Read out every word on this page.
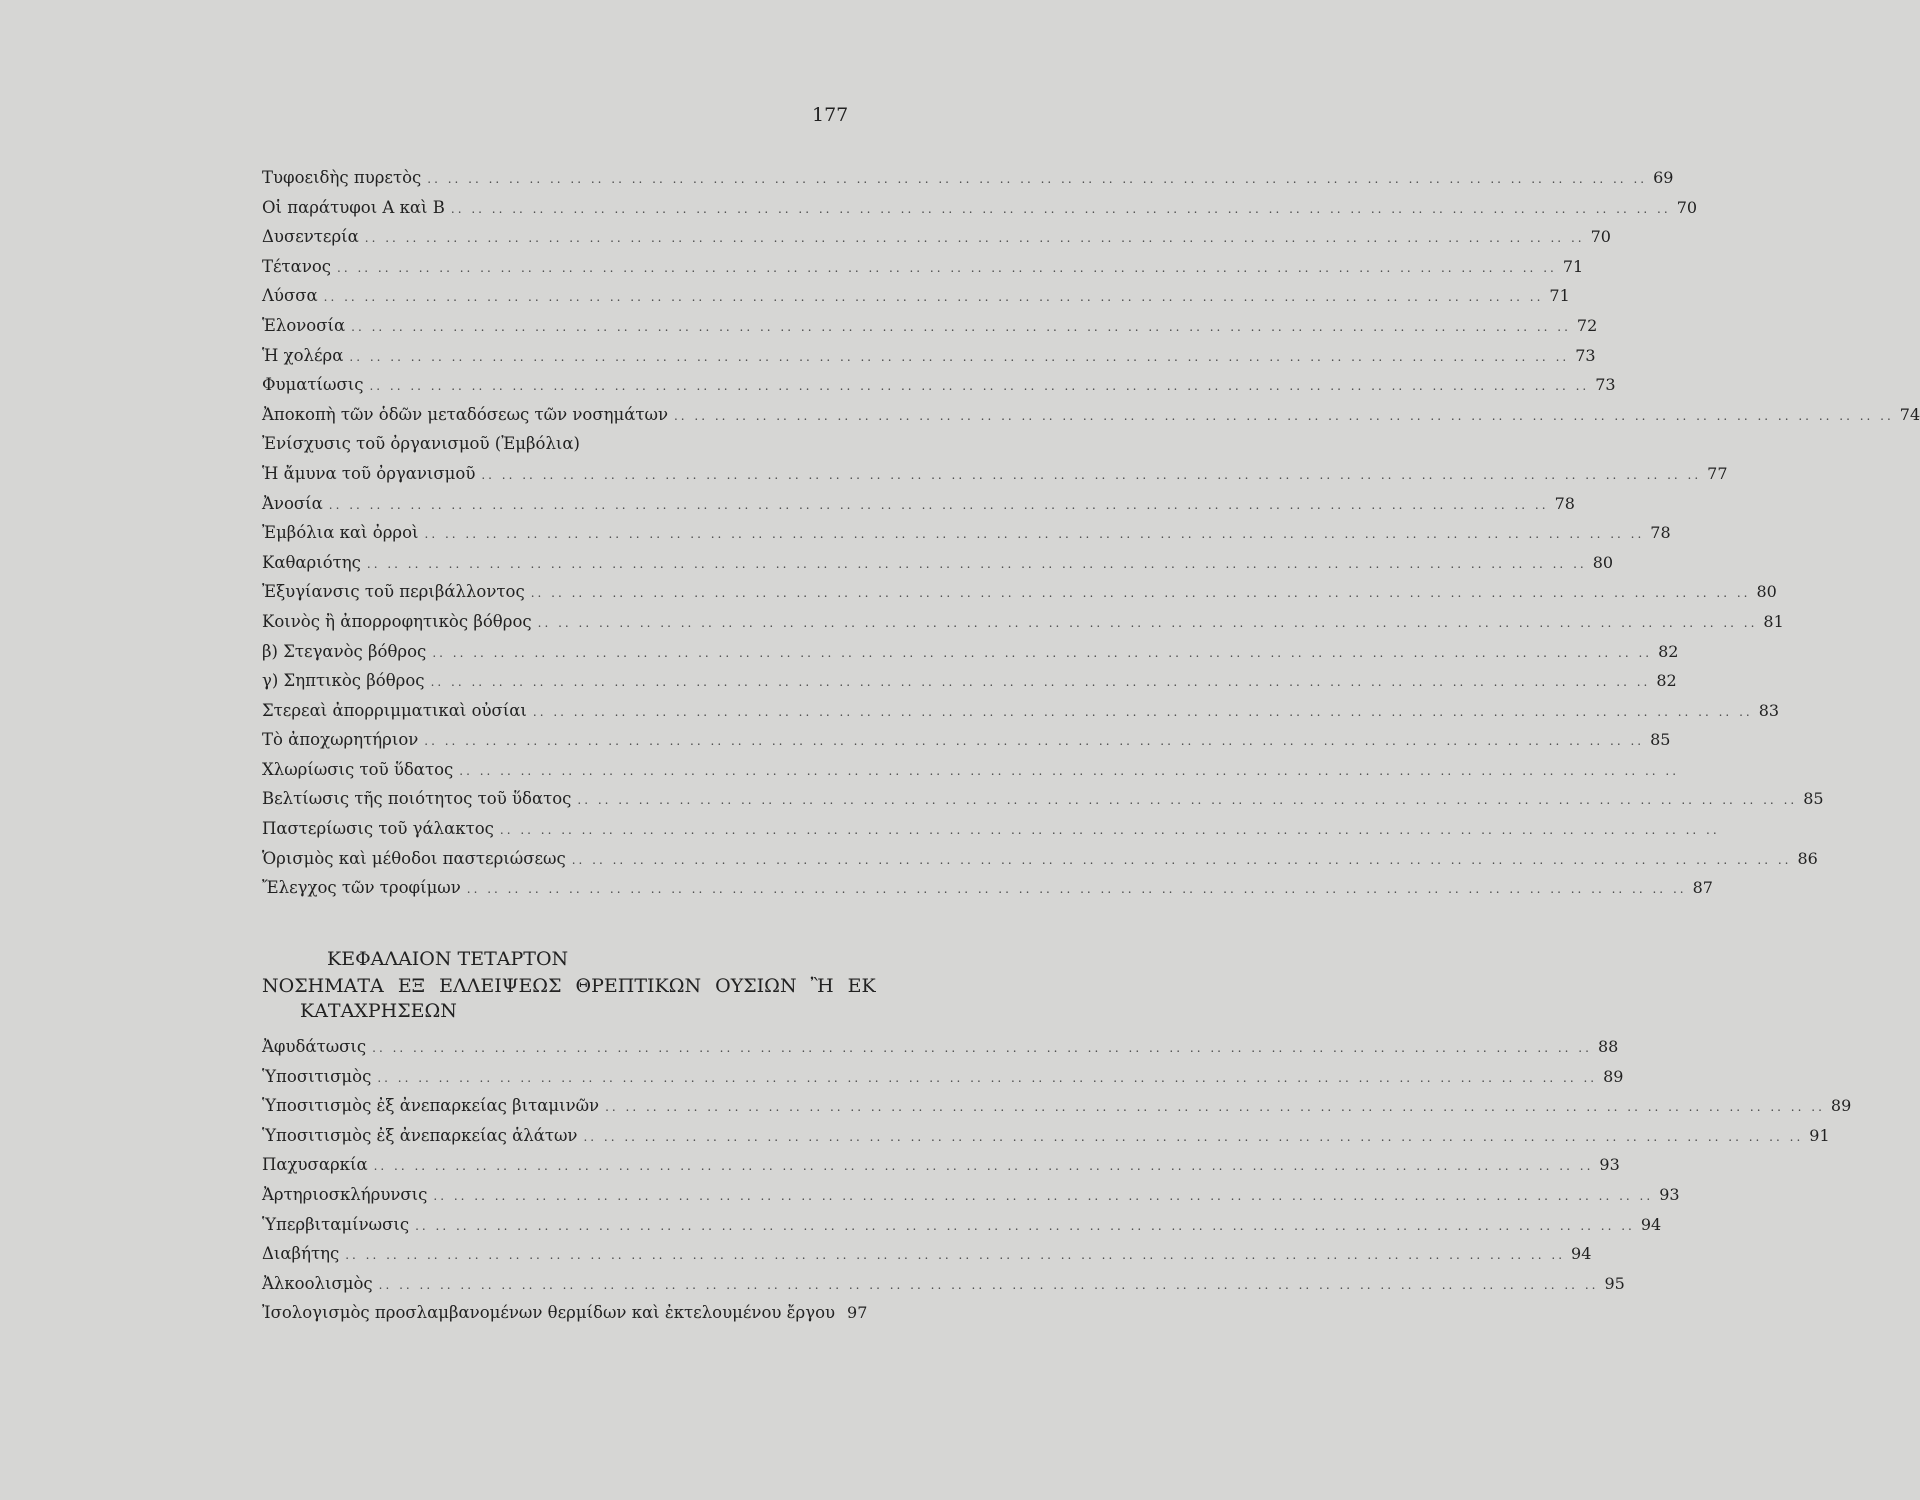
177
Τυφοειδὴς πυρετὸς .. .. .. .. .. .. .. .. .. .. .. .. .. .. .. .. .. .. .. .. .. .. .. .. .. .. .. .. .. .. .. .. .. .. .. .. .. .. .. .. .. .. .. .. .. .. .. .. .. .. .. .. .. .. .. .. .. .. .. .. 69
Οἱ παράτυφοι Α καὶ Β .. .. .. .. .. .. .. .. .. .. .. .. .. .. .. .. .. .. .. .. .. .. .. .. .. .. .. .. .. .. .. .. .. .. .. .. .. .. .. .. .. .. .. .. .. .. .. .. .. .. .. .. .. .. .. .. .. .. .. .. 70
Δυσεντερία .. .. .. .. .. .. .. .. .. .. .. .. .. .. .. .. .. .. .. .. .. .. .. .. .. .. .. .. .. .. .. .. .. .. .. .. .. .. .. .. .. .. .. .. .. .. .. .. .. .. .. .. .. .. .. .. .. .. .. .. 70
Τέτανος .. .. .. .. .. .. .. .. .. .. .. .. .. .. .. .. .. .. .. .. .. .. .. .. .. .. .. .. .. .. .. .. .. .. .. .. .. .. .. .. .. .. .. .. .. .. .. .. .. .. .. .. .. .. .. .. .. .. .. .. 71
Λύσσα .. .. .. .. .. .. .. .. .. .. .. .. .. .. .. .. .. .. .. .. .. .. .. .. .. .. .. .. .. .. .. .. .. .. .. .. .. .. .. .. .. .. .. .. .. .. .. .. .. .. .. .. .. .. .. .. .. .. .. .. 71
Ἑλονοσία .. .. .. .. .. .. .. .. .. .. .. .. .. .. .. .. .. .. .. .. .. .. .. .. .. .. .. .. .. .. .. .. .. .. .. .. .. .. .. .. .. .. .. .. .. .. .. .. .. .. .. .. .. .. .. .. .. .. .. .. 72
Ἡ χολέρα .. .. .. .. .. .. .. .. .. .. .. .. .. .. .. .. .. .. .. .. .. .. .. .. .. .. .. .. .. .. .. .. .. .. .. .. .. .. .. .. .. .. .. .. .. .. .. .. .. .. .. .. .. .. .. .. .. .. .. .. 73
Φυματίωσις .. .. .. .. .. .. .. .. .. .. .. .. .. .. .. .. .. .. .. .. .. .. .. .. .. .. .. .. .. .. .. .. .. .. .. .. .. .. .. .. .. .. .. .. .. .. .. .. .. .. .. .. .. .. .. .. .. .. .. .. 73
Ἀποκοπὴ τῶν ὁδῶν μεταδόσεως τῶν νοσημάτων .. .. .. .. .. .. .. .. .. .. .. .. .. .. .. .. .. .. .. .. .. .. .. .. .. .. .. .. .. .. .. .. .. .. .. .. .. .. .. .. .. .. .. .. .. .. .. .. .. .. .. .. .. .. .. .. .. .. .. .. 74
Ἐνίσχυσις τοῦ ὀργανισμοῦ (Ἐμβόλια)
Ἡ ἄμυνα τοῦ ὀργανισμοῦ .. .. .. .. .. .. .. .. .. .. .. .. .. .. .. .. .. .. .. .. .. .. .. .. .. .. .. .. .. .. .. .. .. .. .. .. .. .. .. .. .. .. .. .. .. .. .. .. .. .. .. .. .. .. .. .. .. .. .. .. 77
Ἀνοσία .. .. .. .. .. .. .. .. .. .. .. .. .. .. .. .. .. .. .. .. .. .. .. .. .. .. .. .. .. .. .. .. .. .. .. .. .. .. .. .. .. .. .. .. .. .. .. .. .. .. .. .. .. .. .. .. .. .. .. .. 78
Ἐμβόλια καὶ ὀρροὶ .. .. .. .. .. .. .. .. .. .. .. .. .. .. .. .. .. .. .. .. .. .. .. .. .. .. .. .. .. .. .. .. .. .. .. .. .. .. .. .. .. .. .. .. .. .. .. .. .. .. .. .. .. .. .. .. .. .. .. .. 78
Καθαριότης .. .. .. .. .. .. .. .. .. .. .. .. .. .. .. .. .. .. .. .. .. .. .. .. .. .. .. .. .. .. .. .. .. .. .. .. .. .. .. .. .. .. .. .. .. .. .. .. .. .. .. .. .. .. .. .. .. .. .. .. 80
Ἐξυγίανσις τοῦ περιβάλλοντος .. .. .. .. .. .. .. .. .. .. .. .. .. .. .. .. .. .. .. .. .. .. .. .. .. .. .. .. .. .. .. .. .. .. .. .. .. .. .. .. .. .. .. .. .. .. .. .. .. .. .. .. .. .. .. .. .. .. .. .. 80
Κοινὸς ἢ ἀπορροφητικὸς βόθρος .. .. .. .. .. .. .. .. .. .. .. .. .. .. .. .. .. .. .. .. .. .. .. .. .. .. .. .. .. .. .. .. .. .. .. .. .. .. .. .. .. .. .. .. .. .. .. .. .. .. .. .. .. .. .. .. .. .. .. .. 81
β) Στεγανὸς βόθρος .. .. .. .. .. .. .. .. .. .. .. .. .. .. .. .. .. .. .. .. .. .. .. .. .. .. .. .. .. .. .. .. .. .. .. .. .. .. .. .. .. .. .. .. .. .. .. .. .. .. .. .. .. .. .. .. .. .. .. .. 82
γ) Σηπτικὸς βόθρος .. .. .. .. .. .. .. .. .. .. .. .. .. .. .. .. .. .. .. .. .. .. .. .. .. .. .. .. .. .. .. .. .. .. .. .. .. .. .. .. .. .. .. .. .. .. .. .. .. .. .. .. .. .. .. .. .. .. .. .. 82
Στερεαὶ ἀπορριμματικαὶ οὐσίαι .. .. .. .. .. .. .. .. .. .. .. .. .. .. .. .. .. .. .. .. .. .. .. .. .. .. .. .. .. .. .. .. .. .. .. .. .. .. .. .. .. .. .. .. .. .. .. .. .. .. .. .. .. .. .. .. .. .. .. .. 83
Τὸ ἀποχωρητήριον .. .. .. .. .. .. .. .. .. .. .. .. .. .. .. .. .. .. .. .. .. .. .. .. .. .. .. .. .. .. .. .. .. .. .. .. .. .. .. .. .. .. .. .. .. .. .. .. .. .. .. .. .. .. .. .. .. .. .. .. 85
Χλωρίωσις τοῦ ὕδατος .. .. .. .. .. .. .. .. .. .. .. .. .. .. .. .. .. .. .. .. .. .. .. .. .. .. .. .. .. .. .. .. .. .. .. .. .. .. .. .. .. .. .. .. .. .. .. .. .. .. .. .. .. .. .. .. .. .. .. ..
Βελτίωσις τῆς ποιότητος τοῦ ὕδατος .. .. .. .. .. .. .. .. .. .. .. .. .. .. .. .. .. .. .. .. .. .. .. .. .. .. .. .. .. .. .. .. .. .. .. .. .. .. .. .. .. .. .. .. .. .. .. .. .. .. .. .. .. .. .. .. .. .. .. .. 85
Παστερίωσις τοῦ γάλακτος .. .. .. .. .. .. .. .. .. .. .. .. .. .. .. .. .. .. .. .. .. .. .. .. .. .. .. .. .. .. .. .. .. .. .. .. .. .. .. .. .. .. .. .. .. .. .. .. .. .. .. .. .. .. .. .. .. .. .. ..
Ὁρισμὸς καὶ μέθοδοι παστεριώσεως .. .. .. .. .. .. .. .. .. .. .. .. .. .. .. .. .. .. .. .. .. .. .. .. .. .. .. .. .. .. .. .. .. .. .. .. .. .. .. .. .. .. .. .. .. .. .. .. .. .. .. .. .. .. .. .. .. .. .. .. 86
Ἔλεγχος τῶν τροφίμων .. .. .. .. .. .. .. .. .. .. .. .. .. .. .. .. .. .. .. .. .. .. .. .. .. .. .. .. .. .. .. .. .. .. .. .. .. .. .. .. .. .. .. .. .. .. .. .. .. .. .. .. .. .. .. .. .. .. .. .. 87
ΚΕΦΑΛΑΙΟΝ ΤΕΤΑΡΤΟΝ
ΝΟΣΗΜΑΤΑ ΕΞ ΕΛΛΕΙΨΕΩΣ ΘΡΕΠΤΙΚΩΝ ΟΥΣΙΩΝ Ἢ ΕΚ
ΚΑΤΑΧΡΗΣΕΩΝ
Ἀφυδάτωσις .. .. .. .. .. .. .. .. .. .. .. .. .. .. .. .. .. .. .. .. .. .. .. .. .. .. .. .. .. .. .. .. .. .. .. .. .. .. .. .. .. .. .. .. .. .. .. .. .. .. .. .. .. .. .. .. .. .. .. .. 88
Ὑποσιτισμὸς .. .. .. .. .. .. .. .. .. .. .. .. .. .. .. .. .. .. .. .. .. .. .. .. .. .. .. .. .. .. .. .. .. .. .. .. .. .. .. .. .. .. .. .. .. .. .. .. .. .. .. .. .. .. .. .. .. .. .. .. 89
Ὑποσιτισμὸς ἐξ ἀνεπαρκείας βιταμινῶν .. .. .. .. .. .. .. .. .. .. .. .. .. .. .. .. .. .. .. .. .. .. .. .. .. .. .. .. .. .. .. .. .. .. .. .. .. .. .. .. .. .. .. .. .. .. .. .. .. .. .. .. .. .. .. .. .. .. .. .. 89
Ὑποσιτισμὸς ἐξ ἀνεπαρκείας ἁλάτων .. .. .. .. .. .. .. .. .. .. .. .. .. .. .. .. .. .. .. .. .. .. .. .. .. .. .. .. .. .. .. .. .. .. .. .. .. .. .. .. .. .. .. .. .. .. .. .. .. .. .. .. .. .. .. .. .. .. .. .. 91
Παχυσαρκία .. .. .. .. .. .. .. .. .. .. .. .. .. .. .. .. .. .. .. .. .. .. .. .. .. .. .. .. .. .. .. .. .. .. .. .. .. .. .. .. .. .. .. .. .. .. .. .. .. .. .. .. .. .. .. .. .. .. .. .. 93
Ἀρτηριοσκλήρυνσις .. .. .. .. .. .. .. .. .. .. .. .. .. .. .. .. .. .. .. .. .. .. .. .. .. .. .. .. .. .. .. .. .. .. .. .. .. .. .. .. .. .. .. .. .. .. .. .. .. .. .. .. .. .. .. .. .. .. .. .. 93
Ὑπερβιταμίνωσις .. .. .. .. .. .. .. .. .. .. .. .. .. .. .. .. .. .. .. .. .. .. .. .. .. .. .. .. .. .. .. .. .. .. .. .. .. .. .. .. .. .. .. .. .. .. .. .. .. .. .. .. .. .. .. .. .. .. .. .. 94
Διαβήτης .. .. .. .. .. .. .. .. .. .. .. .. .. .. .. .. .. .. .. .. .. .. .. .. .. .. .. .. .. .. .. .. .. .. .. .. .. .. .. .. .. .. .. .. .. .. .. .. .. .. .. .. .. .. .. .. .. .. .. .. 94
Ἀλκοολισμὸς .. .. .. .. .. .. .. .. .. .. .. .. .. .. .. .. .. .. .. .. .. .. .. .. .. .. .. .. .. .. .. .. .. .. .. .. .. .. .. .. .. .. .. .. .. .. .. .. .. .. .. .. .. .. .. .. .. .. .. .. 95
Ἰσολογισμὸς προσλαμβανομένων θερμίδων καὶ ἐκτελουμένου ἔργου 97
